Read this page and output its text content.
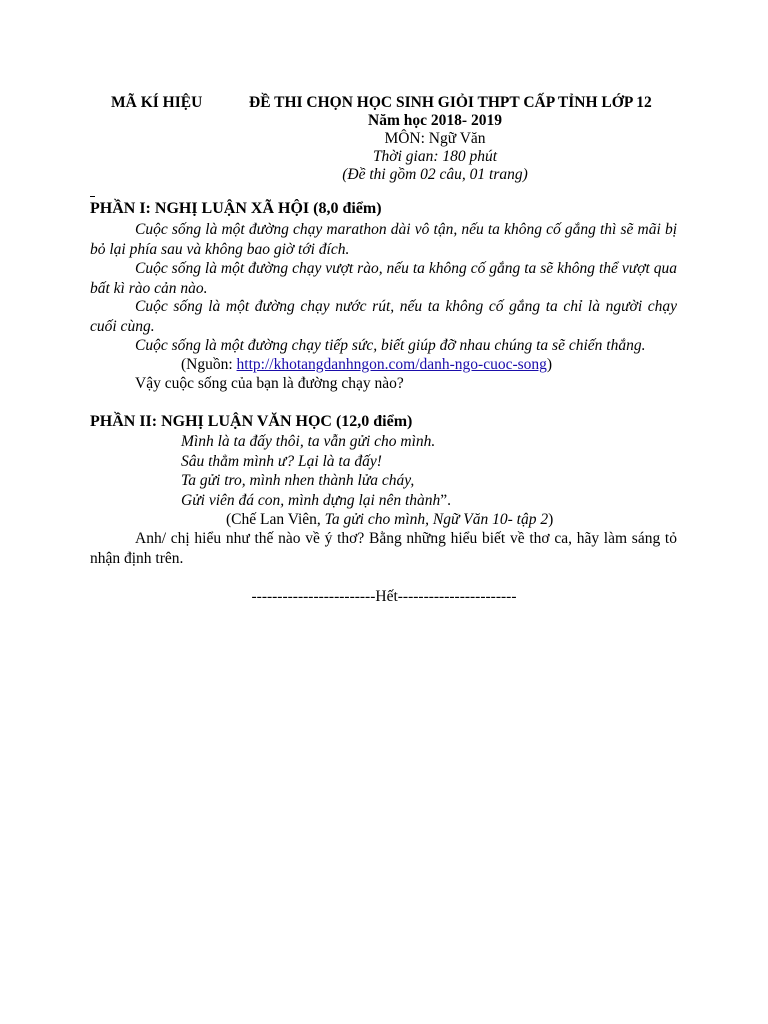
MÃ KÍ HIỆU	ĐỀ THI CHỌN HỌC SINH GIỎI THPT CẤP TỈNH LỚP 12
Năm học 2018- 2019
MÔN: Ngữ Văn
Thời gian: 180 phút
(Đề thi gồm 02 câu, 01 trang)
PHẦN I: NGHỊ LUẬN XÃ HỘI (8,0 điểm)
Cuộc sống là một đường chạy marathon dài vô tận, nếu ta không cố gắng thì sẽ mãi bị bỏ lại phía sau và không bao giờ tới đích.
Cuộc sống là một đường chạy vượt rào, nếu ta không cố gắng ta sẽ không thể vượt qua bất kì rào cản nào.
Cuộc sống là một đường chạy nước rút, nếu ta không cố gắng ta chỉ là người chạy cuối cùng.
Cuộc sống là một đường chạy tiếp sức, biết giúp đỡ nhau chúng ta sẽ chiến thắng.
(Nguồn: http://khotangdanhngon.com/danh-ngo-cuoc-song)
Vậy cuộc sống của bạn là đường chạy nào?
PHẦN II: NGHỊ LUẬN VĂN HỌC (12,0 điểm)
Mình là ta đấy thôi, ta vẫn gửi cho mình.
Sâu thẳm mình ư? Lại là ta đấy!
Ta gửi tro, mình nhen thành lửa cháy,
Gửi viên đá con, mình dựng lại nên thành”.
(Chế Lan Viên, Ta gửi cho mình, Ngữ Văn 10- tập 2)
Anh/ chị hiểu như thế nào về ý thơ? Bằng những hiểu biết về thơ ca, hãy làm sáng tỏ nhận định trên.
------------------------Hết-----------------------
